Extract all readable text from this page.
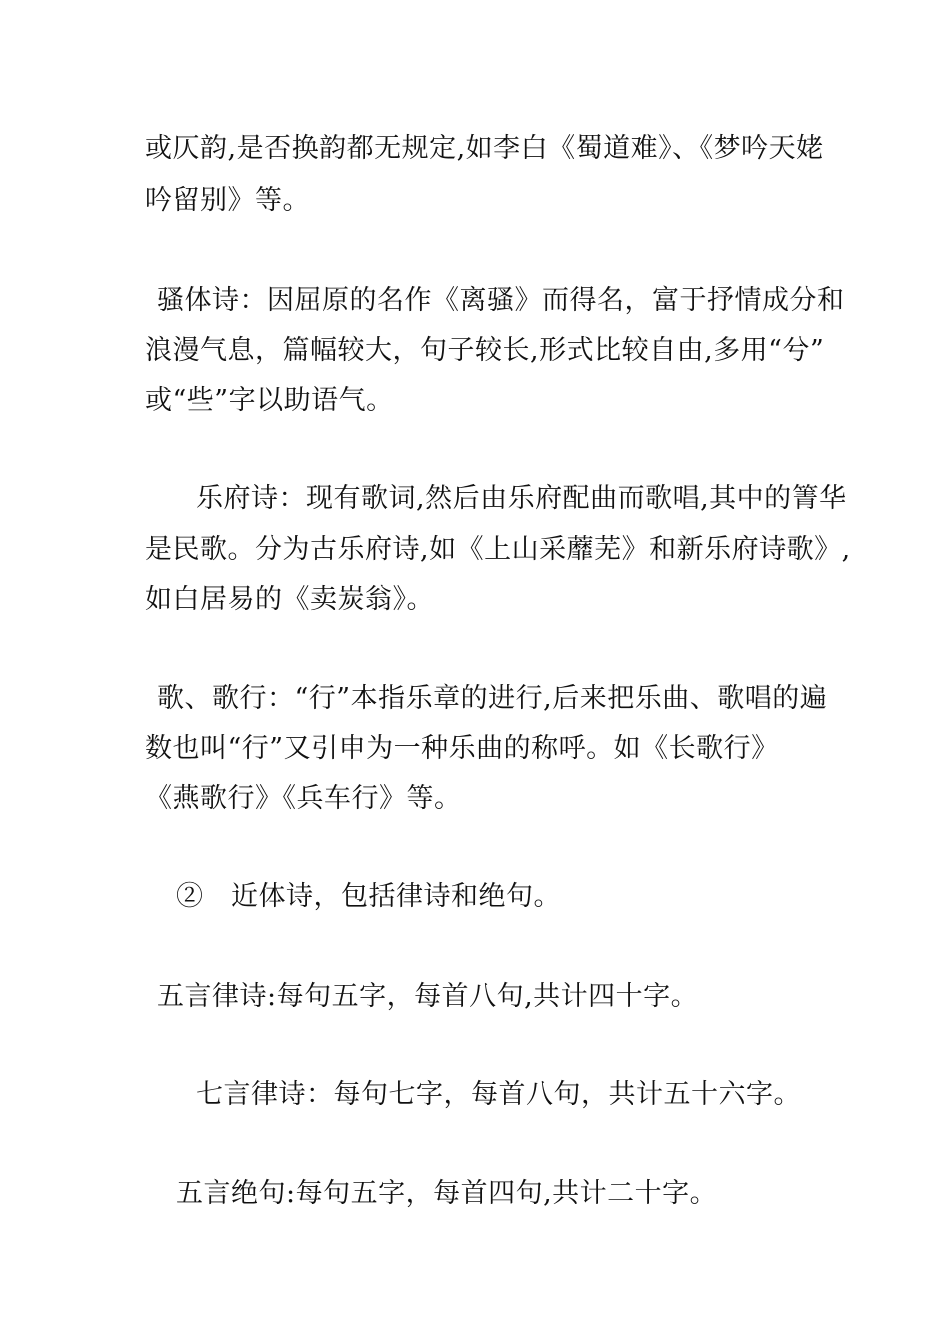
或仄韵,是否换韵都无规定,如李白《蜀道难》、《梦吟天姥
吟留别》等。
骚体诗：因屈原的名作《离骚》而得名，富于抒情成分和
浪漫气息，篇幅较大，句子较长,形式比较自由,多用“兮”
或“些”字以助语气。
乐府诗：现有歌词,然后由乐府配曲而歌唱,其中的箐华
是民歌。分为古乐府诗,如《上山采蘼芜》和新乐府诗歌》,
如白居易的《卖炭翁》。
歌、歌行：“行”本指乐章的进行,后来把乐曲、歌唱的遍
数也叫“行”又引申为一种乐曲的称呼。如《长歌行》
《燕歌行》《兵车行》等。
②　近体诗，包括律诗和绝句。
五言律诗:每句五字，每首八句,共计四十字。
七言律诗：每句七字，每首八句，共计五十六字。
五言绝句:每句五字，每首四句,共计二十字。
